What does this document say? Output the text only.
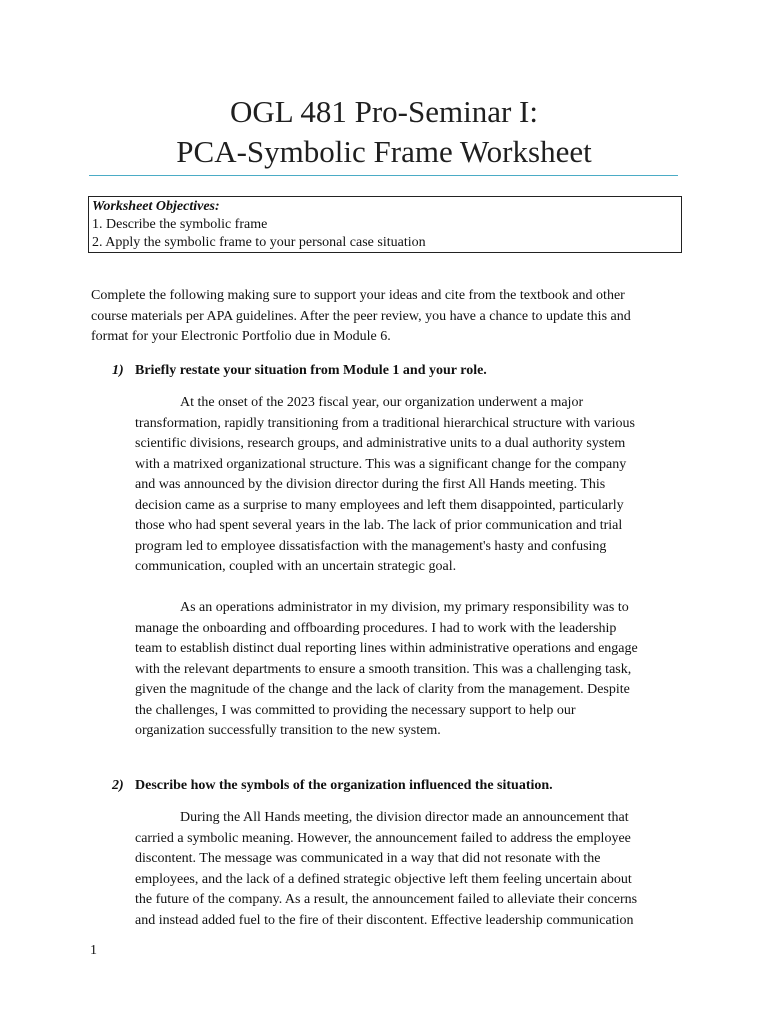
OGL 481 Pro-Seminar I:
PCA-Symbolic Frame Worksheet
Worksheet Objectives:
1. Describe the symbolic frame
2. Apply the symbolic frame to your personal case situation
Complete the following making sure to support your ideas and cite from the textbook and other
course materials per APA guidelines. After the peer review, you have a chance to update this and
format for your Electronic Portfolio due in Module 6.
1) Briefly restate your situation from Module 1 and your role.
At the onset of the 2023 fiscal year, our organization underwent a major
transformation, rapidly transitioning from a traditional hierarchical structure with various
scientific divisions, research groups, and administrative units to a dual authority system
with a matrixed organizational structure. This was a significant change for the company
and was announced by the division director during the first All Hands meeting. This
decision came as a surprise to many employees and left them disappointed, particularly
those who had spent several years in the lab. The lack of prior communication and trial
program led to employee dissatisfaction with the management's hasty and confusing
communication, coupled with an uncertain strategic goal.
As an operations administrator in my division, my primary responsibility was to
manage the onboarding and offboarding procedures. I had to work with the leadership
team to establish distinct dual reporting lines within administrative operations and engage
with the relevant departments to ensure a smooth transition. This was a challenging task,
given the magnitude of the change and the lack of clarity from the management. Despite
the challenges, I was committed to providing the necessary support to help our
organization successfully transition to the new system.
2) Describe how the symbols of the organization influenced the situation.
During the All Hands meeting, the division director made an announcement that
carried a symbolic meaning. However, the announcement failed to address the employee
discontent. The message was communicated in a way that did not resonate with the
employees, and the lack of a defined strategic objective left them feeling uncertain about
the future of the company. As a result, the announcement failed to alleviate their concerns
and instead added fuel to the fire of their discontent. Effective leadership communication
1
